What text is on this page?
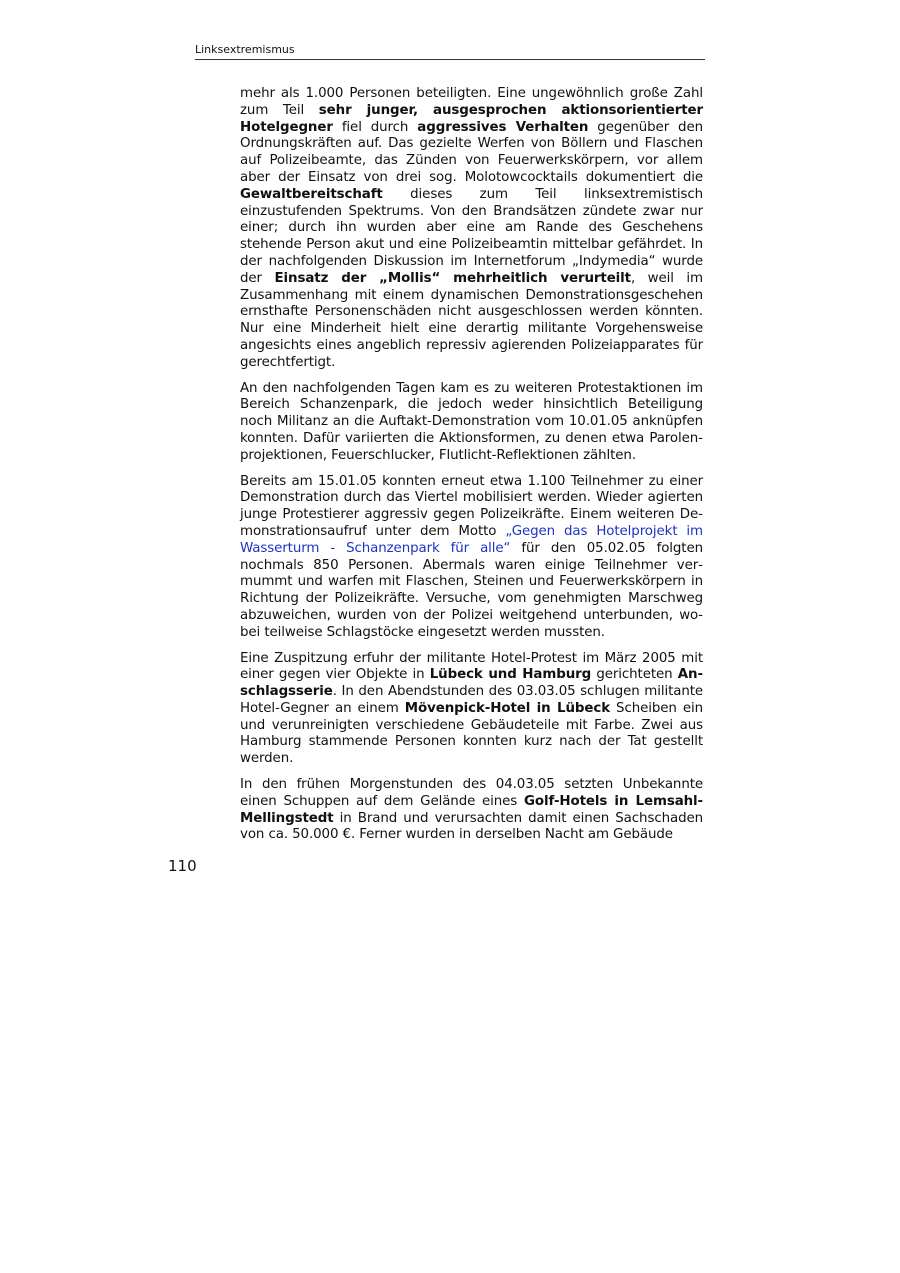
Linksextremismus

mehr als 1.000 Personen beteiligten. Eine ungewöhnlich große Zahl zum Teil sehr junger, ausgesprochen aktionsorientierter Hotelgegner fiel durch aggressives Verhalten gegenüber den Ordnungskräften auf. Das gezielte Werfen von Böllern und Flaschen auf Polizeibeamte, das Zünden von Feuerwerkskörpern, vor allem aber der Einsatz von drei sog. Molotowcocktails dokumentiert die Gewaltbereitschaft dieses zum Teil linksextremistisch einzustufenden Spektrums. Von den Brandsätzen zündete zwar nur einer; durch ihn wurden aber eine am Rande des Geschehens stehende Person akut und eine Polizeibeamtin mittelbar gefährdet. In der nachfolgenden Diskussion im Internetforum „Indymedia“ wurde der Einsatz der „Mollis“ mehrheitlich verurteilt, weil im Zusammenhang mit einem dynamischen Demonstrationsgeschehen ernsthafte Personenschäden nicht ausgeschlossen werden könnten. Nur eine Minderheit hielt eine derartig militante Vorgehensweise angesichts eines angeblich repressiv agierenden Polizeiapparates für gerechtfertigt.

An den nachfolgenden Tagen kam es zu weiteren Protestaktionen im Bereich Schanzenpark, die jedoch weder hinsichtlich Beteiligung noch Militanz an die Auftakt-Demonstration vom 10.01.05 anknüpfen konnten. Dafür variierten die Aktionsformen, zu denen etwa Parolenprojektionen, Feuerschlucker, Flutlicht-Reflektionen zählten.

Bereits am 15.01.05 konnten erneut etwa 1.100 Teilnehmer zu einer Demonstration durch das Viertel mobilisiert werden. Wieder agierten junge Protestierer aggressiv gegen Polizeikräfte. Einem weiteren Demonstrationsaufruf unter dem Motto „Gegen das Hotelprojekt im Wasserturm - Schanzenpark für alle“ für den 05.02.05 folgten nochmals 850 Personen. Abermals waren einige Teilnehmer vermummt und warfen mit Flaschen, Steinen und Feuerwerkskörpern in Richtung der Polizeikräfte. Versuche, vom genehmigten Marschweg abzuweichen, wurden von der Polizei weitgehend unterbunden, wobei teilweise Schlagstöcke eingesetzt werden mussten.

Eine Zuspitzung erfuhr der militante Hotel-Protest im März 2005 mit einer gegen vier Objekte in Lübeck und Hamburg gerichteten Anschlagsserie. In den Abendstunden des 03.03.05 schlugen militante Hotel-Gegner an einem Mövenpick-Hotel in Lübeck Scheiben ein und verunreinigten verschiedene Gebäudeteile mit Farbe. Zwei aus Hamburg stammende Personen konnten kurz nach der Tat gestellt werden.

In den frühen Morgenstunden des 04.03.05 setzten Unbekannte einen Schuppen auf dem Gelände eines Golf-Hotels in Lemsahl-Mellingstedt in Brand und verursachten damit einen Sachschaden von ca. 50.000 €. Ferner wurden in derselben Nacht am Gebäude

110
